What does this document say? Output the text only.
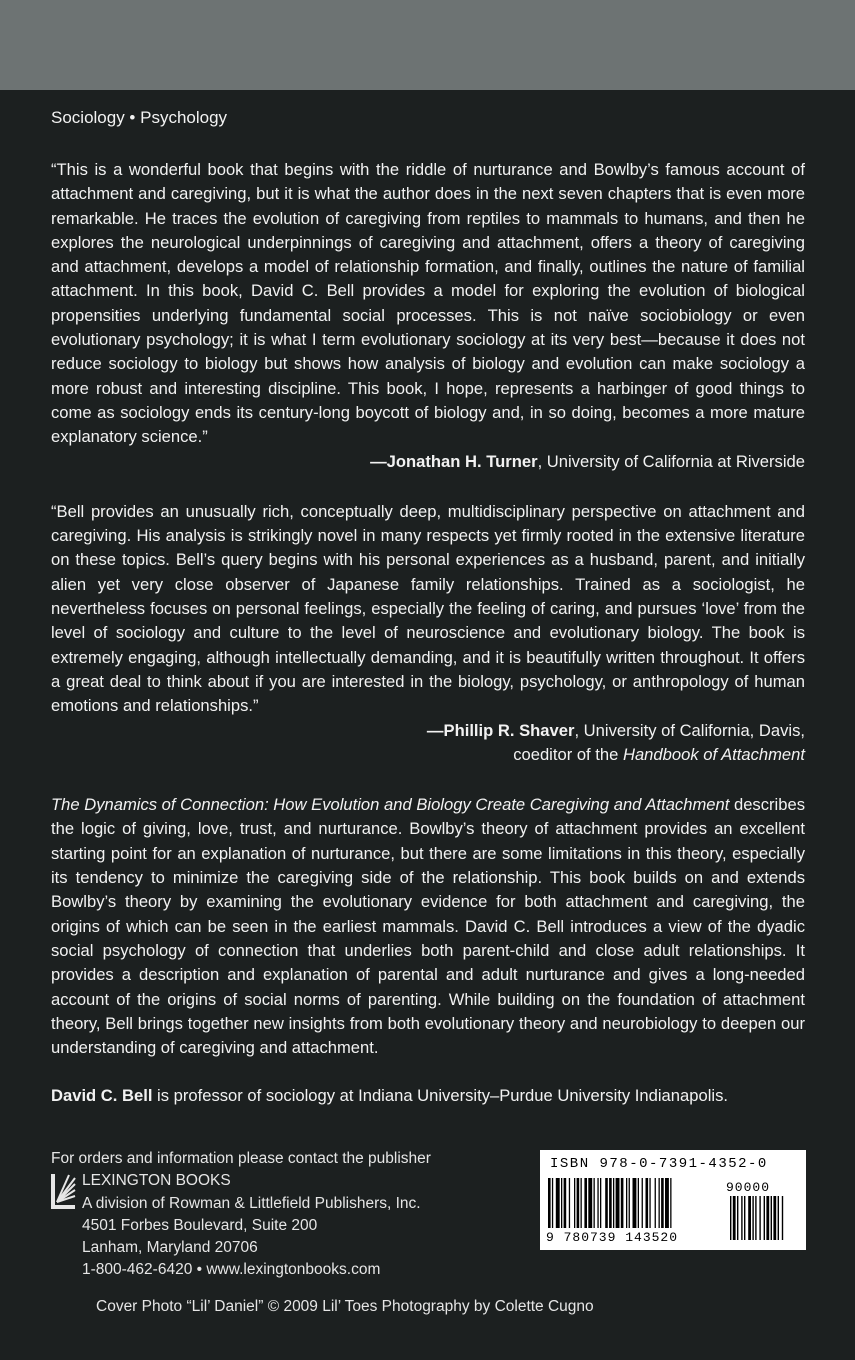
Sociology • Psychology

“This is a wonderful book that begins with the riddle of nurturance and Bowlby’s famous account of attachment and caregiving, but it is what the author does in the next seven chapters that is even more remarkable. He traces the evolution of caregiving from reptiles to mammals to humans, and then he explores the neurological underpinnings of caregiving and attachment, offers a theory of caregiving and attachment, develops a model of relationship formation, and finally, outlines the nature of familial attachment. In this book, David C. Bell provides a model for exploring the evolution of biological propensities underlying fundamental social processes. This is not naïve sociobiology or even evolutionary psychology; it is what I term evolutionary sociology at its very best—because it does not reduce sociology to biology but shows how analysis of biology and evolution can make sociology a more robust and interesting discipline. This book, I hope, represents a harbinger of good things to come as sociology ends its century-long boycott of biology and, in so doing, becomes a more mature explanatory science.”

—Jonathan H. Turner, University of California at Riverside

“Bell provides an unusually rich, conceptually deep, multidisciplinary perspective on attachment and caregiving. His analysis is strikingly novel in many respects yet firmly rooted in the extensive literature on these topics. Bell’s query begins with his personal experiences as a husband, parent, and initially alien yet very close observer of Japanese family relationships. Trained as a sociologist, he nevertheless focuses on personal feelings, especially the feeling of caring, and pursues ‘love’ from the level of sociology and culture to the level of neuroscience and evolutionary biology. The book is extremely engaging, although intellectually demanding, and it is beautifully written throughout. It offers a great deal to think about if you are interested in the biology, psychology, or anthropology of human emotions and relationships.”

—Phillip R. Shaver, University of California, Davis,

coeditor of the Handbook of Attachment

The Dynamics of Connection: How Evolution and Biology Create Caregiving and Attachment describes the logic of giving, love, trust, and nurturance. Bowlby’s theory of attachment provides an excellent starting point for an explanation of nurturance, but there are some limitations in this theory, especially its tendency to minimize the caregiving side of the relationship. This book builds on and extends Bowlby’s theory by examining the evolutionary evidence for both attachment and caregiving, the origins of which can be seen in the earliest mammals. David C. Bell introduces a view of the dyadic social psychology of connection that underlies both parent-child and close adult relationships. It provides a description and explanation of parental and adult nurturance and gives a long-needed account of the origins of social norms of parenting. While building on the foundation of attachment theory, Bell brings together new insights from both evolutionary theory and neurobiology to deepen our understanding of caregiving and attachment.

David C. Bell is professor of sociology at Indiana University–Purdue University Indianapolis.

For orders and information please contact the publisher
LEXINGTON BOOKS
A division of Rowman & Littlefield Publishers, Inc.
4501 Forbes Boulevard, Suite 200
Lanham, Maryland 20706
1-800-462-6420 • www.lexingtonbooks.com
ISBN 978-0-7391-4352-0
90000
9 780739 143520
Cover Photo “Lil’ Daniel” © 2009 Lil’ Toes Photography by Colette Cugno
